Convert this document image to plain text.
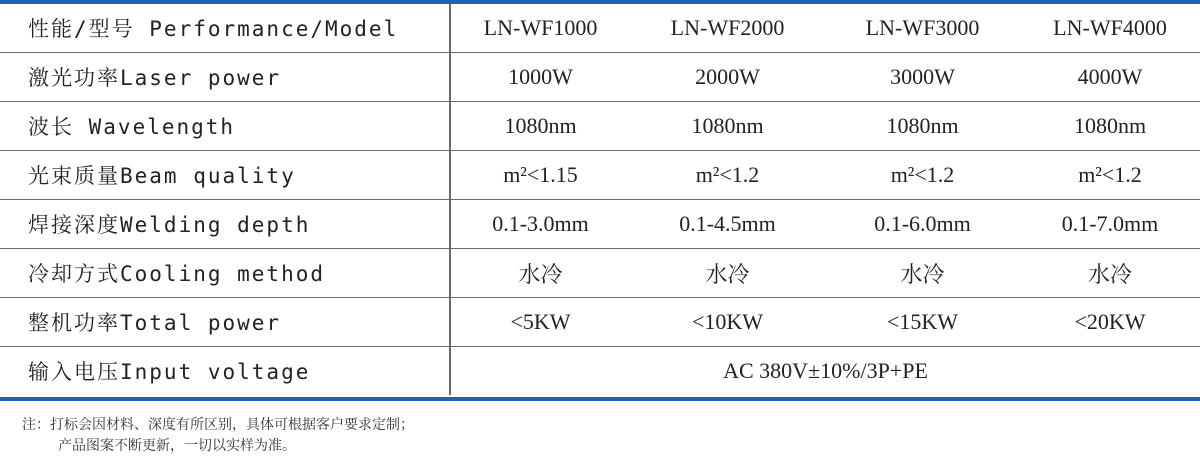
性能/型号 Performance/Model	LN-WF1000	LN-WF2000	LN-WF3000	LN-WF4000
激光功率Laser power	1000W	2000W	3000W	4000W
波长 Wavelength	1080nm	1080nm	1080nm	1080nm
光束质量Beam quality	m²<1.15	m²<1.2	m²<1.2	m²<1.2
焊接深度Welding depth	0.1-3.0mm	0.1-4.5mm	0.1-6.0mm	0.1-7.0mm
冷却方式Cooling method	水冷	水冷	水冷	水冷
整机功率Total power	<5KW	<10KW	<15KW	<20KW
输入电压Input voltage	AC 380V±10%/3P+PE			
注：打标会因材料、深度有所区别，具体可根据客户要求定制；
产品图案不断更新，一切以实样为准。
